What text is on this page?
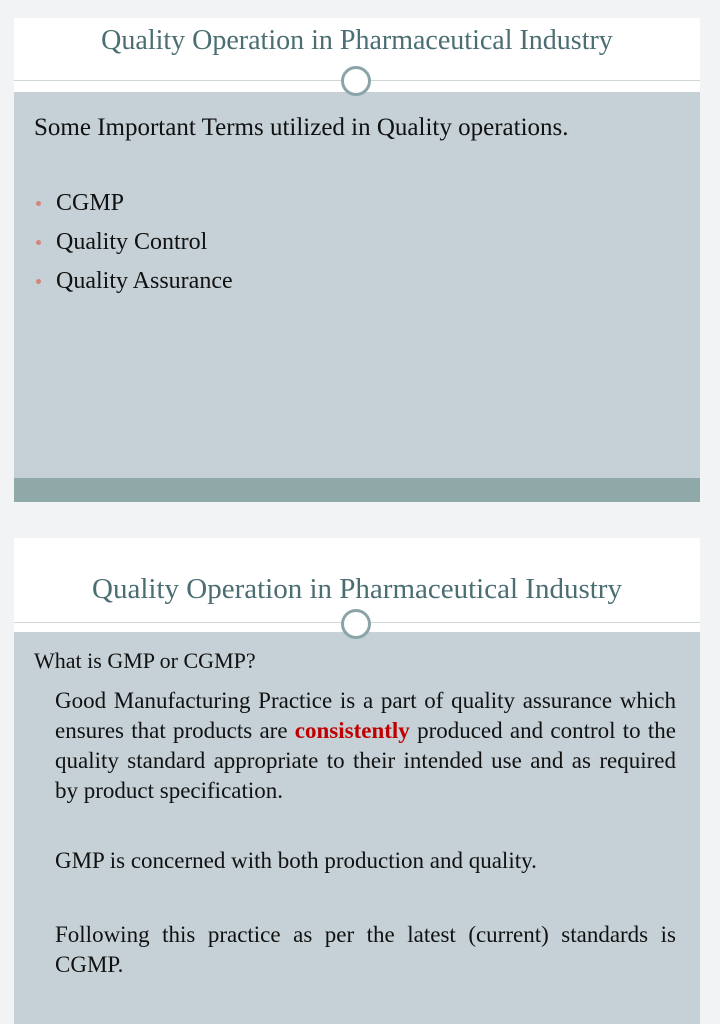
Quality Operation in Pharmaceutical Industry
Some Important Terms utilized in Quality operations.
CGMP
Quality Control
Quality Assurance
Quality Operation in Pharmaceutical Industry
What is GMP or CGMP?
Good Manufacturing Practice is a part of quality assurance which ensures that products are consistently produced and control to the quality standard appropriate to their intended use and as required by product specification.
GMP is concerned with both production and quality.
Following this practice as per the latest (current) standards is CGMP.
